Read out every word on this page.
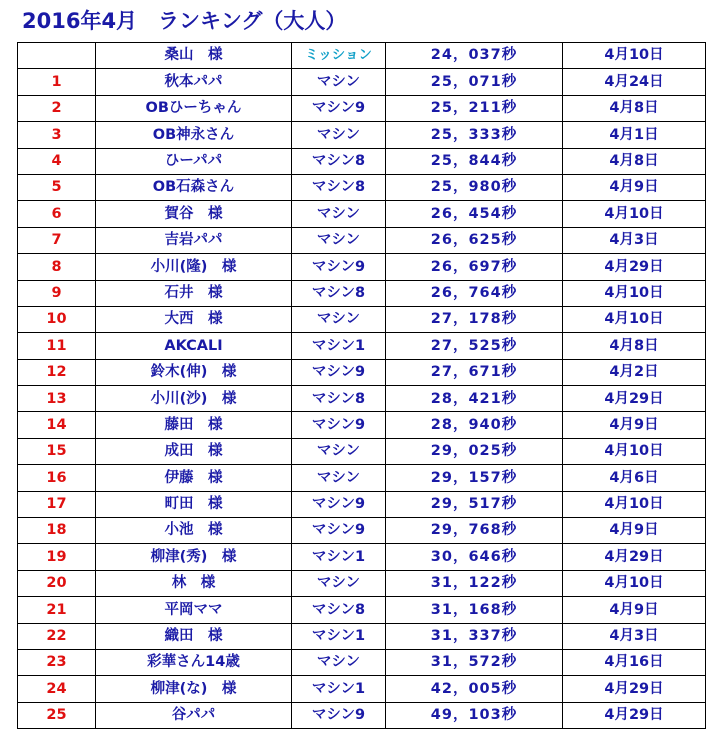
2016年4月　ランキング（大人）
	桑山　様	ミッション	24，037秒	4月10日
1	秋本パパ	マシン	25，071秒	4月24日
2	OBひーちゃん	マシン9	25，211秒	4月8日
3	OB神永さん	マシン	25，333秒	4月1日
4	ひーパパ	マシン8	25，844秒	4月8日
5	OB石森さん	マシン8	25，980秒	4月9日
6	賀谷　様	マシン	26，454秒	4月10日
7	吉岩パパ	マシン	26，625秒	4月3日
8	小川(隆)　様	マシン9	26，697秒	4月29日
9	石井　様	マシン8	26，764秒	4月10日
10	大西　様	マシン	27，178秒	4月10日
11	AKCALI	マシン1	27，525秒	4月8日
12	鈴木(伸)　様	マシン9	27，671秒	4月2日
13	小川(沙)　様	マシン8	28，421秒	4月29日
14	藤田　様	マシン9	28，940秒	4月9日
15	成田　様	マシン	29，025秒	4月10日
16	伊藤　様	マシン	29，157秒	4月6日
17	町田　様	マシン9	29，517秒	4月10日
18	小池　様	マシン9	29，768秒	4月9日
19	柳津(秀)　様	マシン1	30，646秒	4月29日
20	林　様	マシン	31，122秒	4月10日
21	平岡ママ	マシン8	31，168秒	4月9日
22	織田　様	マシン1	31，337秒	4月3日
23	彩華さん14歳	マシン	31，572秒	4月16日
24	柳津(な)　様	マシン1	42，005秒	4月29日
25	谷パパ	マシン9	49，103秒	4月29日
